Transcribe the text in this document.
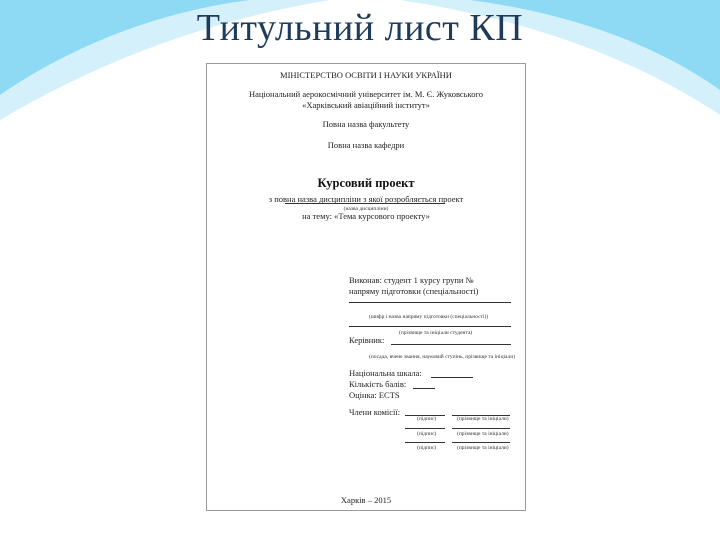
Титульний лист КП
МІНІСТЕРСТВО ОСВІТИ І НАУКИ УКРАЇНИ
Національний аерокосмічний університет ім. М. Є. Жуковського
«Харківський авіаційний інститут»
Повна назва факультету
Повна назва кафедри
Курсовий проект
з повна назва дисципліни з якої розробляється проект
(назва дисципліни)
на тему: «Тема курсового проекту»
Виконав: студент 1 курсу групи №
напряму підготовки (спеціальності)
(шифр і назва напряму підготовки (спеціальності))
(прізвище та ініціали студента)
Керівник:
(посада, вчене звання, науковий ступінь, прізвище та ініціали)
Національна шкала:
Кількість балів:
Оцінка: ECTS
Члени комісії:
(підпис)	(прізвище та ініціали)
(підпис)	(прізвище та ініціали)
(підпис)	(прізвище та ініціали)
Харків – 2015
